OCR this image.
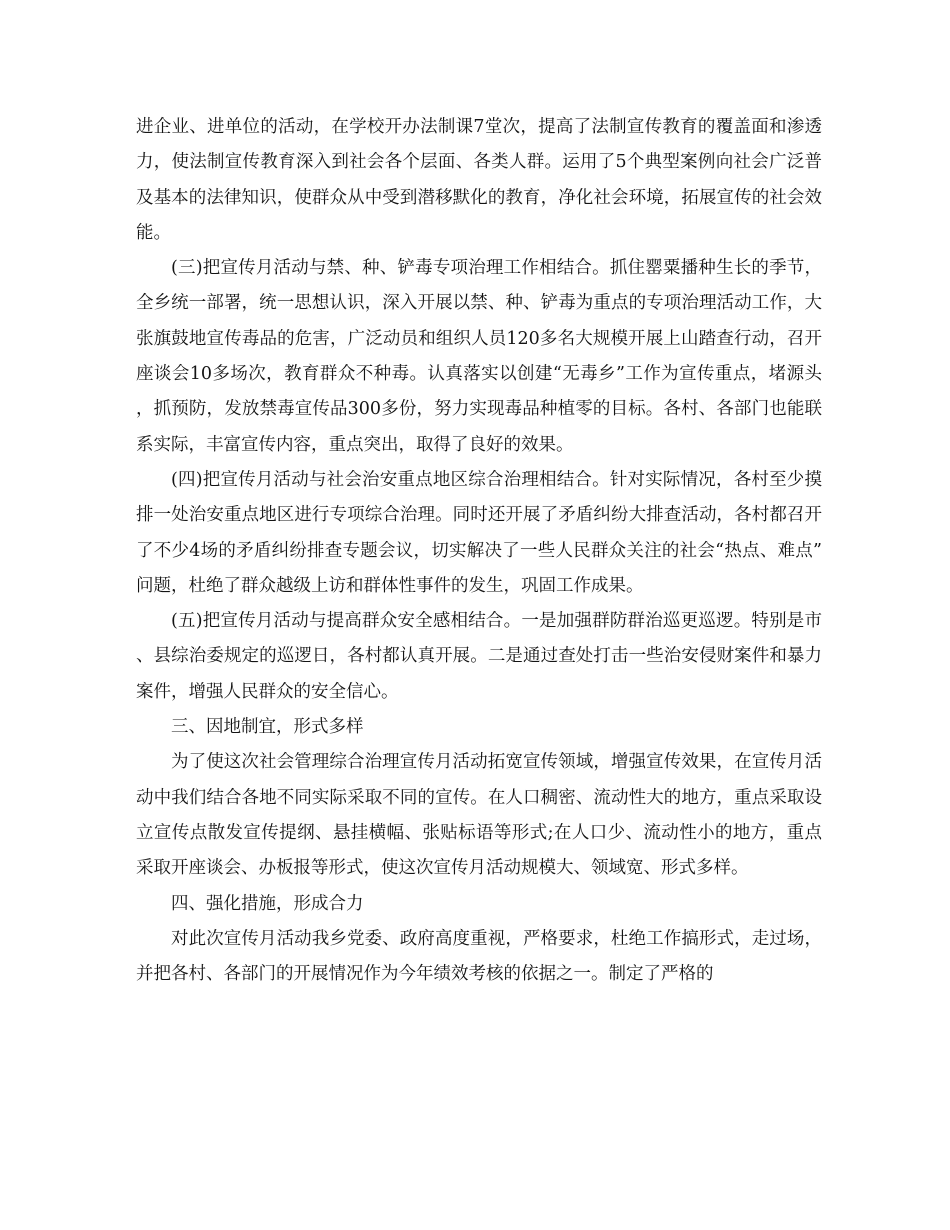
进企业、进单位的活动，在学校开办法制课7堂次，提高了法制宣传教育的覆盖面和渗透力，使法制宣传教育深入到社会各个层面、各类人群。运用了5个典型案例向社会广泛普及基本的法律知识，使群众从中受到潜移默化的教育，净化社会环境，拓展宣传的社会效能。

(三)把宣传月活动与禁、种、铲毒专项治理工作相结合。抓住罂粟播种生长的季节，全乡统一部署，统一思想认识，深入开展以禁、种、铲毒为重点的专项治理活动工作，大张旗鼓地宣传毒品的危害，广泛动员和组织人员120多名大规模开展上山踏查行动，召开座谈会10多场次，教育群众不种毒。认真落实以创建“无毒乡”工作为宣传重点，堵源头，抓预防，发放禁毒宣传品300多份，努力实现毒品种植零的目标。各村、各部门也能联系实际，丰富宣传内容，重点突出，取得了良好的效果。

(四)把宣传月活动与社会治安重点地区综合治理相结合。针对实际情况，各村至少摸排一处治安重点地区进行专项综合治理。同时还开展了矛盾纠纷大排查活动，各村都召开了不少4场的矛盾纠纷排查专题会议，切实解决了一些人民群众关注的社会“热点、难点”问题，杜绝了群众越级上访和群体性事件的发生，巩固工作成果。

(五)把宣传月活动与提高群众安全感相结合。一是加强群防群治巡更巡逻。特别是市、县综治委规定的巡逻日，各村都认真开展。二是通过查处打击一些治安侵财案件和暴力案件，增强人民群众的安全信心。

三、因地制宜，形式多样

为了使这次社会管理综合治理宣传月活动拓宽宣传领域，增强宣传效果，在宣传月活动中我们结合各地不同实际采取不同的宣传。在人口稠密、流动性大的地方，重点采取设立宣传点散发宣传提纲、悬挂横幅、张贴标语等形式;在人口少、流动性小的地方，重点采取开座谈会、办板报等形式，使这次宣传月活动规模大、领域宽、形式多样。

四、强化措施，形成合力

对此次宣传月活动我乡党委、政府高度重视，严格要求，杜绝工作搞形式，走过场，并把各村、各部门的开展情况作为今年绩效考核的依据之一。制定了严格的
